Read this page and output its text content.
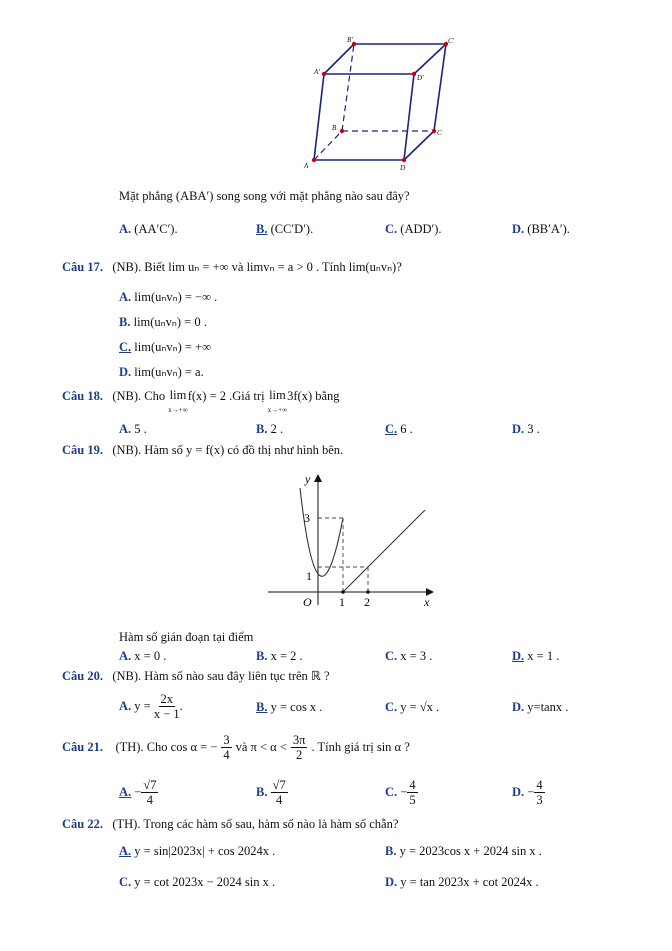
A	D
C
B
A'
D'
C'
B'
Mặt phẳng (ABA′) song song với mặt phẳng nào sau đây?
A. (AA′C′).	B. (CC′D′).	C. (ADD′).	D. (BB′A′).
Câu 17. (NB). Biết lim uₙ = +∞ và limvₙ = a > 0 . Tính lim(uₙvₙ)?
A. lim(uₙvₙ) = −∞ .
B. lim(uₙvₙ) = 0 .
C. lim(uₙvₙ) = +∞
D. lim(uₙvₙ) = a.
Câu 18. (NB). Cho lim
x→+∞f(x) = 2 .Giá trị lim
x→+∞3f(x) bằng
A. 5 .	B. 2 .	C. 6 .	D. 3 .
Câu 19. (NB). Hàm số y = f(x) có đồ thị như hình bên.
y
x
O
3
1
1 2
Hàm số gián đoạn tại điểm
A. x = 0 .	B. x = 2 .	C. x = 3 .	D. x = 1 .
Câu 20. (NB). Hàm số nào sau đây liên tục trên ℝ ?
A.
y =
$\frac{2x}{x - 1}$ .	B. y = cos x .	C. y = √x .	D. y=tanx .
Câu 21.
(TH). Cho cos α = − $\frac{3}{4}$ và π < α <
3π
2
. Tính giá trị sin α ?
A.
− $\frac{√7}{4}$	B.

√7
4
C.
− $\frac{4}{5}$	D.
− $\frac{4}{3}$
Câu 22. (TH). Trong các hàm số sau, hàm số nào là hàm số chẵn?
A. y = sin|2023x| + cos 2024x .	B. y = 2023cos x + 2024 sin x .
C. y = cot 2023x − 2024 sin x .	D. y = tan 2023x + cot 2024x .
